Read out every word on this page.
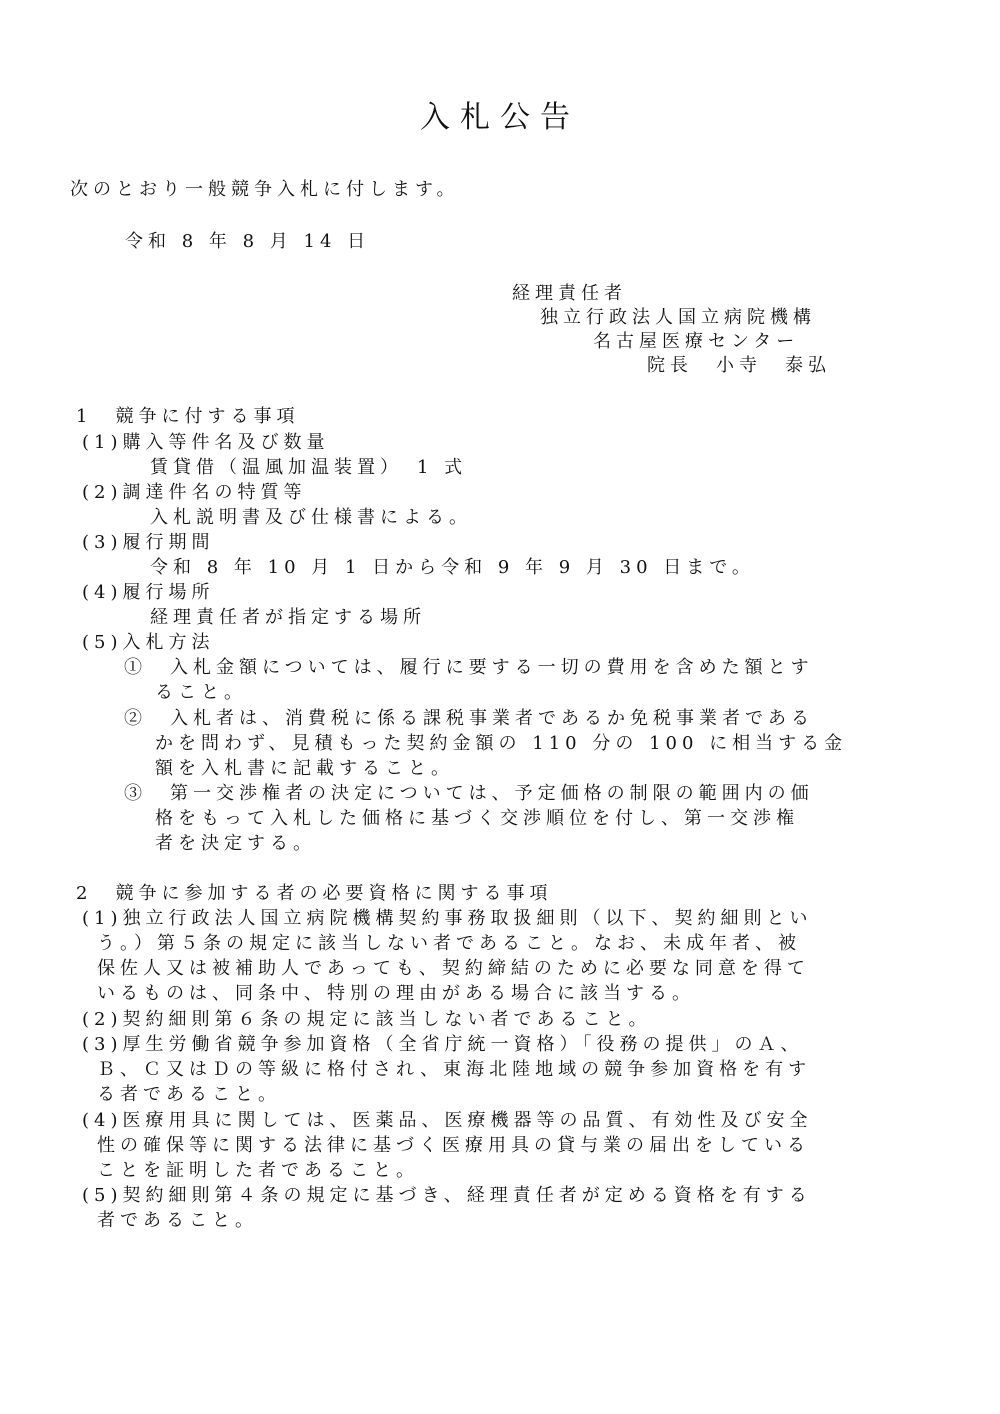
入札公告
次のとおり一般競争入札に付します。
令和 8 年 8 月 14 日
経理責任者
独立行政法人国立病院機構
名古屋医療センター
院長　小寺　泰弘
1　競争に付する事項
(1)購入等件名及び数量
賃貸借（温風加温装置）　1 式
(2)調達件名の特質等
入札説明書及び仕様書による。
(3)履行期間
令和 8 年 10 月 1 日から令和 9 年 9 月 30 日まで。
(4)履行場所
経理責任者が指定する場所
(5)入札方法
①　入札金額については、履行に要する一切の費用を含めた額とす
ること。
②　入札者は、消費税に係る課税事業者であるか免税事業者である
かを問わず、見積もった契約金額の 110 分の 100 に相当する金
額を入札書に記載すること。
③　第一交渉権者の決定については、予定価格の制限の範囲内の価
格をもって入札した価格に基づく交渉順位を付し、第一交渉権
者を決定する。
2　競争に参加する者の必要資格に関する事項
(1)独立行政法人国立病院機構契約事務取扱細則（以下、契約細則とい
う。）第５条の規定に該当しない者であること。なお、未成年者、被
保佐人又は被補助人であっても、契約締結のために必要な同意を得て
いるものは、同条中、特別の理由がある場合に該当する。
(2)契約細則第６条の規定に該当しない者であること。
(3)厚生労働省競争参加資格（全省庁統一資格）「役務の提供」のＡ、
Ｂ、Ｃ又はＤの等級に格付され、東海北陸地域の競争参加資格を有す
る者であること。
(4)医療用具に関しては、医薬品、医療機器等の品質、有効性及び安全
性の確保等に関する法律に基づく医療用具の貸与業の届出をしている
ことを証明した者であること。
(5)契約細則第４条の規定に基づき、経理責任者が定める資格を有する
者であること。
